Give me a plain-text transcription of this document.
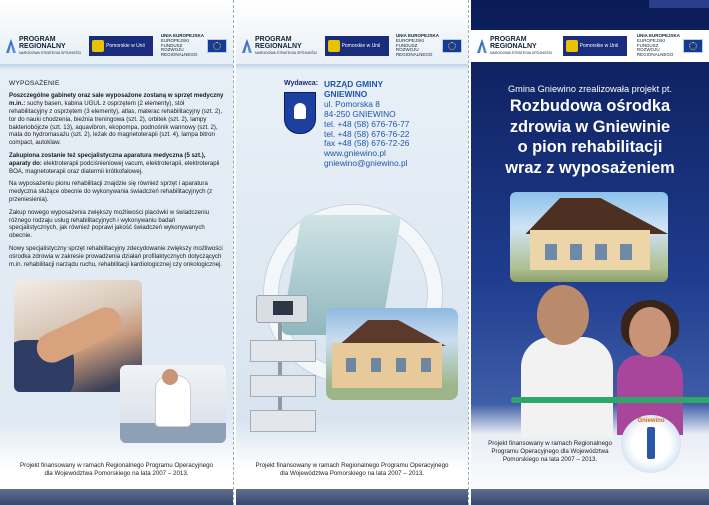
PROGRAM
REGIONALNY
NARODOWA STRATEGIA SPÓJNOŚCI
Pomorskie w Unii
UNIA EUROPEJSKA
EUROPEJSKI FUNDUSZ ROZWOJU REGIONALNEGO
WYPOSAŻENIE

Poszczególne gabinety oraz sale wyposażone zostaną w sprzęt medyczny m.in.: suchy basen, kabina UGUL z osprzętem (2 elementy), stół rehabilitacyjny z osprzętem (3 elementy), atlas, materac rehabilitacyjny (szt. 2), tor do nauki chodzenia, bieżnia treningowa (szt. 2), orbitek (szt. 2), lampy bakteriobójcze (szt. 13), aquavibron, ekopompa, podnośnik wannowy (szt. 2), mata do hydromasażu (szt. 2), leżak do magnetoterapii (szt. 4), lampa bitron compact, autoklaw.

Zakupiona zostanie też specjalistyczna aparatura medyczna (5 szt.), aparaty do: elektroterapii podciśnieniowej vacum, elektroterapii, elektroterapii BOA, magnetoterapii oraz diatermii krótkofalowej.

Na wyposażeniu pionu rehabilitacji znajdzie się również sprzęt i aparatura medyczna służące obecnie do wykonywania świadczeń rehabilitacyjnych (z przeniesienia).

Zakup nowego wyposażenia zwiększy możliwości placówki w świadczeniu różnego rodzaju usług rehabilitacyjnych i wykonywaniu badań specjalistycznych, jak również poprawi jakość świadczeń wykonywanych obecnie.

Nowy specjalistyczny sprzęt rehabilitacyjny zdecydowanie zwiększy możliwości ośrodka zdrowia w zakresie prowadzenia działań profilaktycznych dotyczących m.in. rehabilitacji narządu ruchu, rehabilitacji kardiologicznej czy onkologicznej.

Projekt finansowany w ramach Regionalnego Programu Operacyjnego
dla Województwa Pomorskiego na lata 2007 – 2013.
PROGRAM
REGIONALNY
NARODOWA STRATEGIA SPÓJNOŚCI
Pomorskie w Unii
UNIA EUROPEJSKA
EUROPEJSKI FUNDUSZ ROZWOJU REGIONALNEGO
Wydawca: URZĄD GMINY
GNIEWINO
ul. Pomorska 8
84-250 GNIEWINO
tel. +48 (58) 676-76-77
tel. +48 (58) 676-76-22
fax +48 (58) 676-72-26
www.gniewino.pl
gniewino@gniewino.pl
Projekt finansowany w ramach Regionalnego Programu Operacyjnego
dla Województwa Pomorskiego na lata 2007 – 2013.
PROGRAM
REGIONALNY
NARODOWA STRATEGIA SPÓJNOŚCI
Pomorskie w Unii
UNIA EUROPEJSKA
EUROPEJSKI FUNDUSZ ROZWOJU REGIONALNEGO
Gmina Gniewino zrealizowała projekt pt.
Rozbudowa ośrodka
zdrowia w Gniewinie
o pion rehabilitacji
wraz z wyposażeniem
Projekt finansowany w ramach Regionalnego
Programu Operacyjnego dla Województwa
Pomorskiego na lata 2007 – 2013.
Gniewino
